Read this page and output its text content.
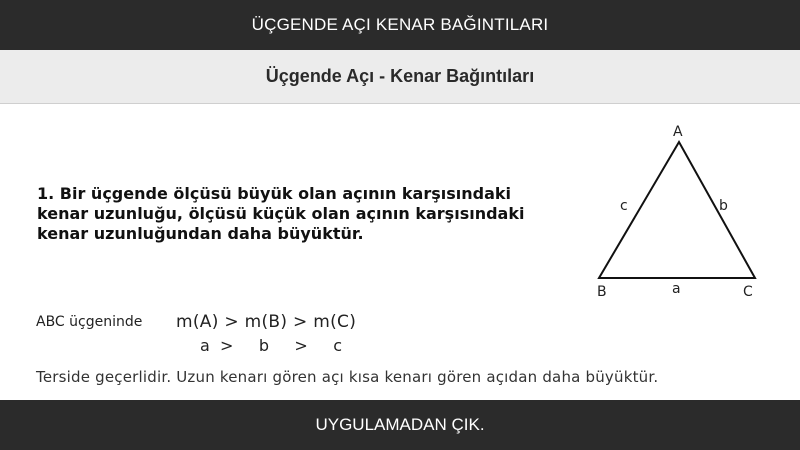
ÜÇGENDE AÇI KENAR BAĞINTILARI
Üçgende Açı - Kenar Bağıntıları
1. Bir üçgende ölçüsü büyük olan açının karşısındaki kenar uzunluğu, ölçüsü küçük olan açının karşısındaki kenar uzunluğundan daha büyüktür.
A
B	C
a
b
c
ABC üçgeninde m(A) > m(B) > m(C)
a  >     b     >     c
Terside geçerlidir. Uzun kenarı gören açı kısa kenarı gören açıdan daha büyüktür.
UYGULAMADAN ÇIK.
